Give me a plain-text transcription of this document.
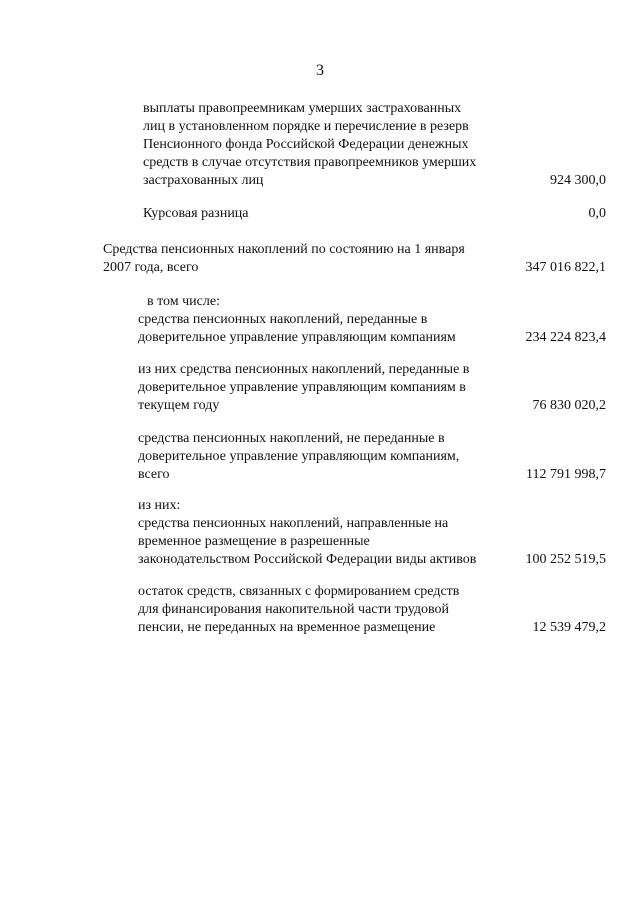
3

выплаты правопреемникам умерших застрахованных

лиц в установленном порядке и перечисление в резерв

Пенсионного фонда Российской Федерации денежных

средств в случае отсутствия правопреемников умерших

застрахованных лиц	924 300,0

Курсовая разница	0,0

Средства пенсионных накоплений по состоянию на 1 января

2007 года, всего	347 016 822,1

в том числе:

средства пенсионных накоплений, переданные в

доверительное управление управляющим компаниям	234 224 823,4

из них средства пенсионных накоплений, переданные в

доверительное управление управляющим компаниям в

текущем году	76 830 020,2

средства пенсионных накоплений, не переданные в

доверительное управление управляющим компаниям,

всего	112 791 998,7

из них:

средства пенсионных накоплений, направленные на

временное размещение в разрешенные

законодательством Российской Федерации виды активов	100 252 519,5

остаток средств, связанных с формированием средств

для финансирования накопительной части трудовой

пенсии, не переданных на временное размещение	12 539 479,2
